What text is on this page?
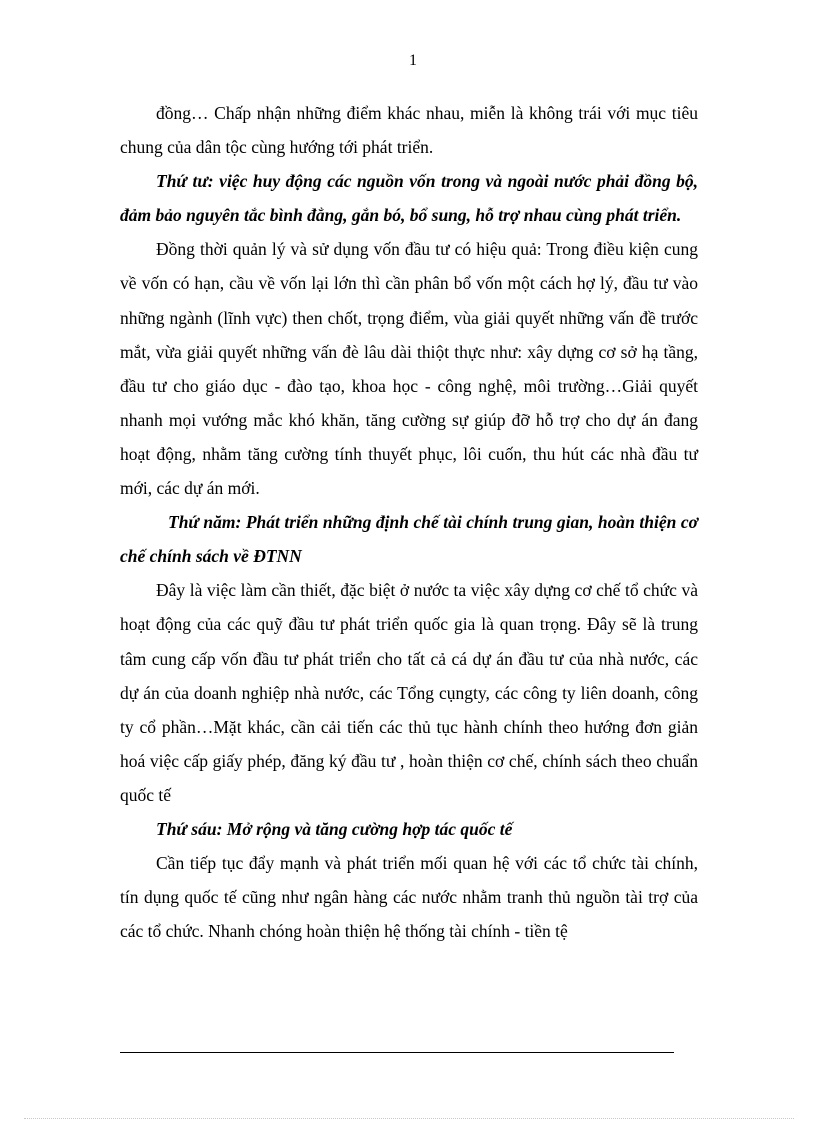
1

đồng… Chấp nhận những điểm khác nhau, miễn là không trái với mục tiêu chung của dân tộc cùng hướng tới phát triển.

Thứ tư: việc huy động các nguồn vốn trong và ngoài nước phải đồng bộ, đảm bảo nguyên tắc bình đẳng, gắn bó, bổ sung, hỗ trợ nhau cùng phát triển.

Đồng thời quản lý và sử dụng vốn đầu tư có hiệu quả: Trong điều kiện cung về vốn có hạn, cầu về vốn lại lớn thì cần phân bổ vốn một cách hợ lý, đầu tư vào những ngành (lĩnh vực) then chốt, trọng điểm, vùa giải quyết những vấn đề trước mắt, vừa giải quyết những vấn đè lâu dài thiột thực như: xây dựng cơ sở hạ tầng, đầu tư cho giáo dục - đào tạo, khoa học - công nghệ, môi trường…Giải quyết nhanh mọi vướng mắc khó khăn, tăng cường sự giúp đỡ hỗ trợ cho dự án đang hoạt động, nhằm tăng cường tính thuyết phục, lôi cuốn, thu hút các nhà đầu tư mới, các dự án mới.

Thứ năm: Phát triển những định chế tài chính trung gian, hoàn thiện cơ chế chính sách về ĐTNN

Đây là việc làm cần thiết, đặc biệt ở nước ta việc xây dựng cơ chế tổ chức và hoạt động của các quỹ đầu tư phát triển quốc gia là quan trọng. Đây sẽ là trung tâm cung cấp vốn đầu tư phát triển cho tất cả cá dự án đầu tư của nhà nước, các dự án của doanh nghiệp nhà nước, các Tổng cụngty, các công ty liên doanh, công ty cổ phần…Mặt khác, cần cải tiến các thủ tục hành chính theo hướng đơn giản hoá việc cấp giấy phép, đăng ký đầu tư , hoàn thiện cơ chế, chính sách theo chuẩn quốc tế

Thứ sáu: Mở rộng và tăng cường hợp tác quốc tế

Cần tiếp tục đẩy mạnh và phát triển mối quan hệ với các tổ chức tài chính, tín dụng quốc tế cũng như ngân hàng các nước nhằm tranh thủ nguồn tài trợ của các tổ chức. Nhanh chóng hoàn thiện hệ thống tài chính - tiền tệ
